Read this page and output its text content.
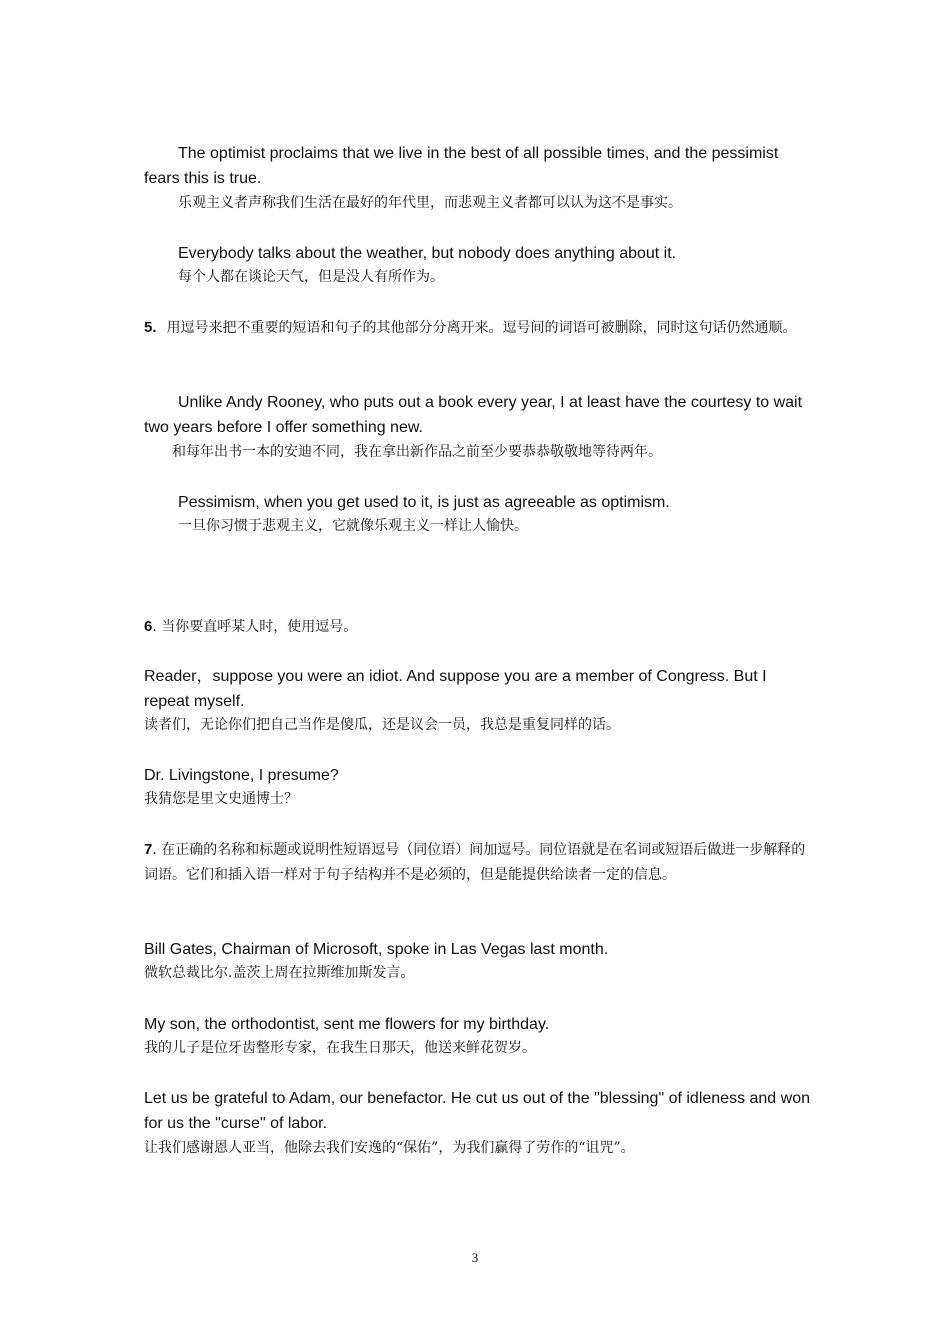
The optimist proclaims that we live in the best of all possible times, and the pessimist fears this is true.
乐观主义者声称我们生活在最好的年代里，而悲观主义者都可以认为这不是事实。
Everybody talks about the weather, but nobody does anything about it.
每个人都在谈论天气，但是没人有所作为。
5. 用逗号来把不重要的短语和句子的其他部分分离开来。逗号间的词语可被删除，同时这句话仍然通顺。
Unlike Andy Rooney, who puts out a book every year, I at least have the courtesy to wait two years before I offer something new.
和每年出书一本的安迪不同，我在拿出新作品之前至少要恭恭敬敬地等待两年。
Pessimism, when you get used to it, is just as agreeable as optimism.
一旦你习惯于悲观主义，它就像乐观主义一样让人愉快。
6. 当你要直呼某人时，使用逗号。
Reader，suppose you were an idiot. And suppose you are a member of Congress. But I repeat myself.
读者们，无论你们把自己当作是傻瓜，还是议会一员，我总是重复同样的话。
Dr. Livingstone, I presume?
我猜您是里文史通博士？
7. 在正确的名称和标题或说明性短语逗号（同位语）间加逗号。同位语就是在名词或短语后做进一步解释的词语。它们和插入语一样对于句子结构并不是必须的，但是能提供给读者一定的信息。
Bill Gates, Chairman of Microsoft, spoke in Las Vegas last month.
微软总裁比尔.盖茨上周在拉斯维加斯发言。
My son, the orthodontist, sent me flowers for my birthday.
我的儿子是位牙齿整形专家，在我生日那天，他送来鲜花贺岁。
Let us be grateful to Adam, our benefactor. He cut us out of the "blessing" of idleness and won for us the "curse" of labor.
让我们感谢恩人亚当，他除去我们安逸的“保佑”，为我们赢得了劳作的“诅咒”。
3
